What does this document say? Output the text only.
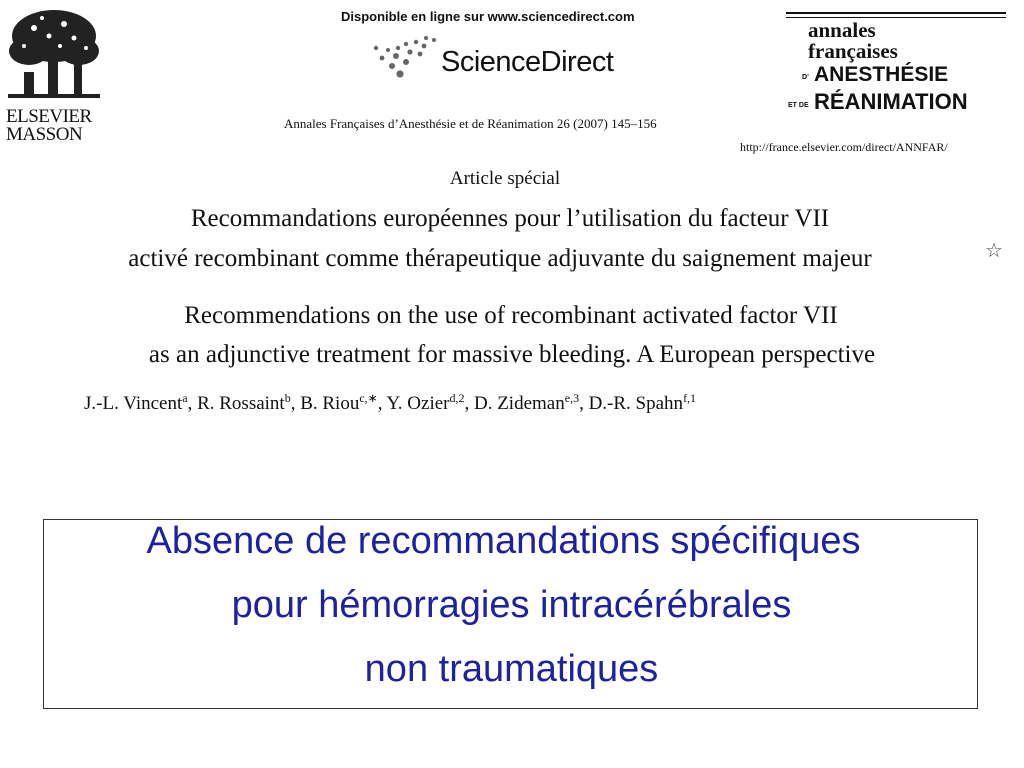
ELSEVIER
MASSON
Disponible en ligne sur www.sciencedirect.com
ScienceDirect
Annales Françaises d’Anesthésie et de Réanimation 26 (2007) 145–156
annales
françaises
D’ ANESTHÉSIE
ET DE RÉANIMATION
http://france.elsevier.com/direct/ANNFAR/
Article spécial
Recommandations européennes pour l’utilisation du facteur VII
activé recombinant comme thérapeutique adjuvante du saignement majeur	☆
Recommendations on the use of recombinant activated factor VII
as an adjunctive treatment for massive bleeding. A European perspective
J.-L. Vincent$^a$, R. Rossaint$^b$, B. Riou$^{c,∗}$, Y. Ozier$^{d,2}$, D. Zideman$^{e,3}$, D.-R. Spahn$^{f,1}$
Absence de recommandations spécifiques
pour hémorragies intracérébrales
non traumatiques
